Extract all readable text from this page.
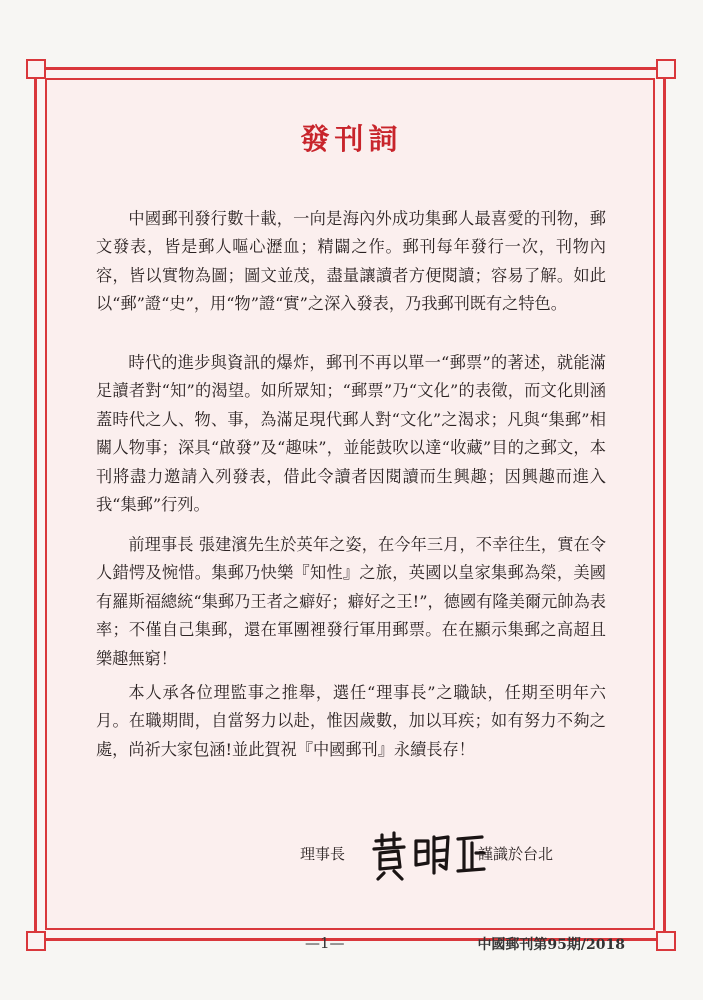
發刊詞

中國郵刊發行數十載，一向是海內外成功集郵人最喜愛的刊物，郵文發表，皆是郵人嘔心瀝血；精闢之作。郵刊每年發行一次，刊物內容，皆以實物為圖；圖文並茂，盡量讓讀者方便閱讀；容易了解。如此以“郵”證“史”，用“物”證“實”之深入發表，乃我郵刊既有之特色。

時代的進步與資訊的爆炸，郵刊不再以單一“郵票”的著述，就能滿足讀者對“知”的渴望。如所眾知；“郵票”乃“文化”的表徵，而文化則涵蓋時代之人、物、事，為滿足現代郵人對“文化”之渴求；凡與“集郵”相關人物事；深具“啟發”及“趣味”，並能鼓吹以達“收藏”目的之郵文，本刊將盡力邀請入列發表，借此令讀者因閱讀而生興趣；因興趣而進入我“集郵”行列。

前理事長 張建濱先生於英年之姿，在今年三月，不幸往生，實在令人錯愕及惋惜。集郵乃快樂『知性』之旅，英國以皇家集郵為榮，美國有羅斯福總統“集郵乃王者之癖好；癖好之王!”，德國有隆美爾元帥為表率；不僅自己集郵，還在軍團裡發行軍用郵票。在在顯示集郵之高超且樂趣無窮！

本人承各位理監事之推舉，選任“理事長”之職缺，任期至明年六月。在職期間，自當努力以赴，惟因歲數，加以耳疾；如有努力不夠之處，尚祈大家包涵!並此賀祝『中國郵刊』永續長存！

理事長	謹識於台北
—1—	中國郵刊第95期/2018
